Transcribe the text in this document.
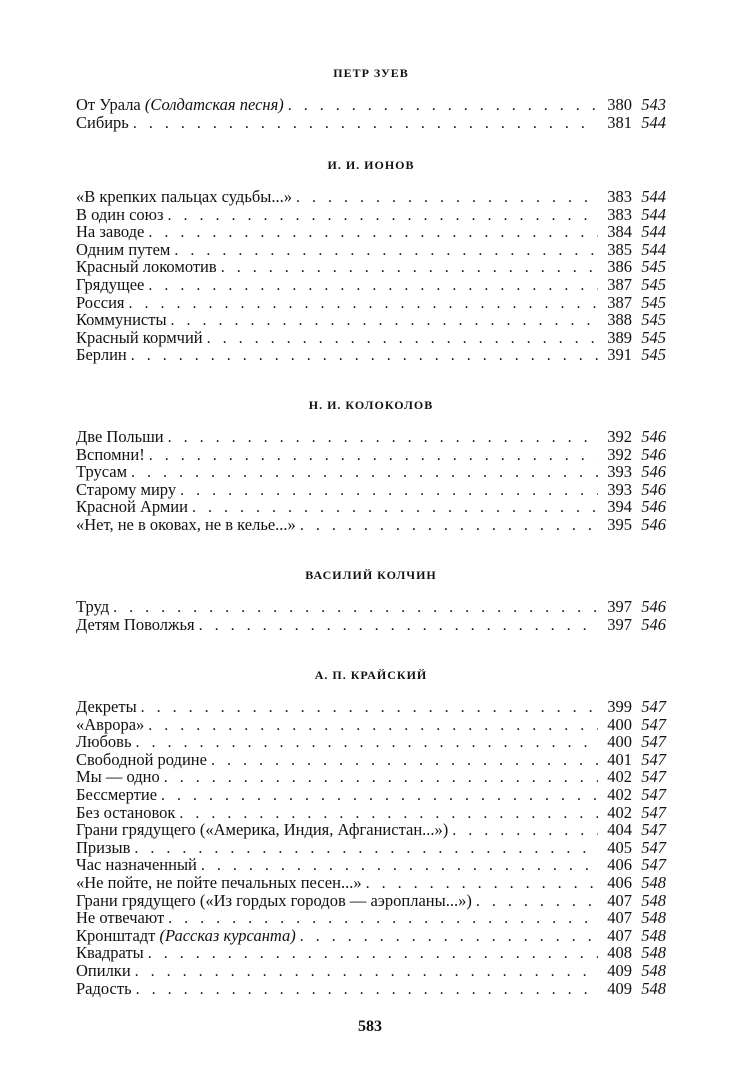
ПЕТР ЗУЕВ
От Урала (Солдатская песня) . . .	380 543
Сибирь . . .	381 544
И. И. ИОНОВ
«В крепких пальцах судьбы...» . . .	383 544
В один союз . . .	383 544
На заводе . . .	384 544
Одним путем . . .	385 544
Красный локомотив . . .	386 545
Грядущее . . .	387 545
Россия . . .	387 545
Коммунисты . . .	388 545
Красный кормчий . . .	389 545
Берлин . . .	391 545
Н. И. КОЛОКОЛОВ
Две Польши . . .	392 546
Вспомни! . . .	392 546
Трусам . . .	393 546
Старому миру . . .	393 546
Красной Армии . . .	394 546
«Нет, не в оковах, не в келье...» . . .	395 546
ВАСИЛИЙ КОЛЧИН
Труд . . .	397 546
Детям Поволжья . . .	397 546
А. П. КРАЙСКИЙ
Декреты . . .	399 547
«Аврора» . . .	400 547
Любовь . . .	400 547
Свободной родине . . .	401 547
Мы — одно . . .	402 547
Бессмертие . . .	402 547
Без остановок . . .	402 547
Грани грядущего («Америка, Индия, Афганистан...») . . .	404 547
Призыв . . .	405 547
Час назначенный . . .	406 547
«Не пойте, не пойте печальных песен...» . . .	406 548
Грани грядущего («Из гордых городов — аэропланы...») . . .	407 548
Не отвечают . . .	407 548
Кронштадт (Рассказ курсанта) . . .	407 548
Квадраты . . .	408 548
Опилки . . .	409 548
Радость . . .	409 548
583
